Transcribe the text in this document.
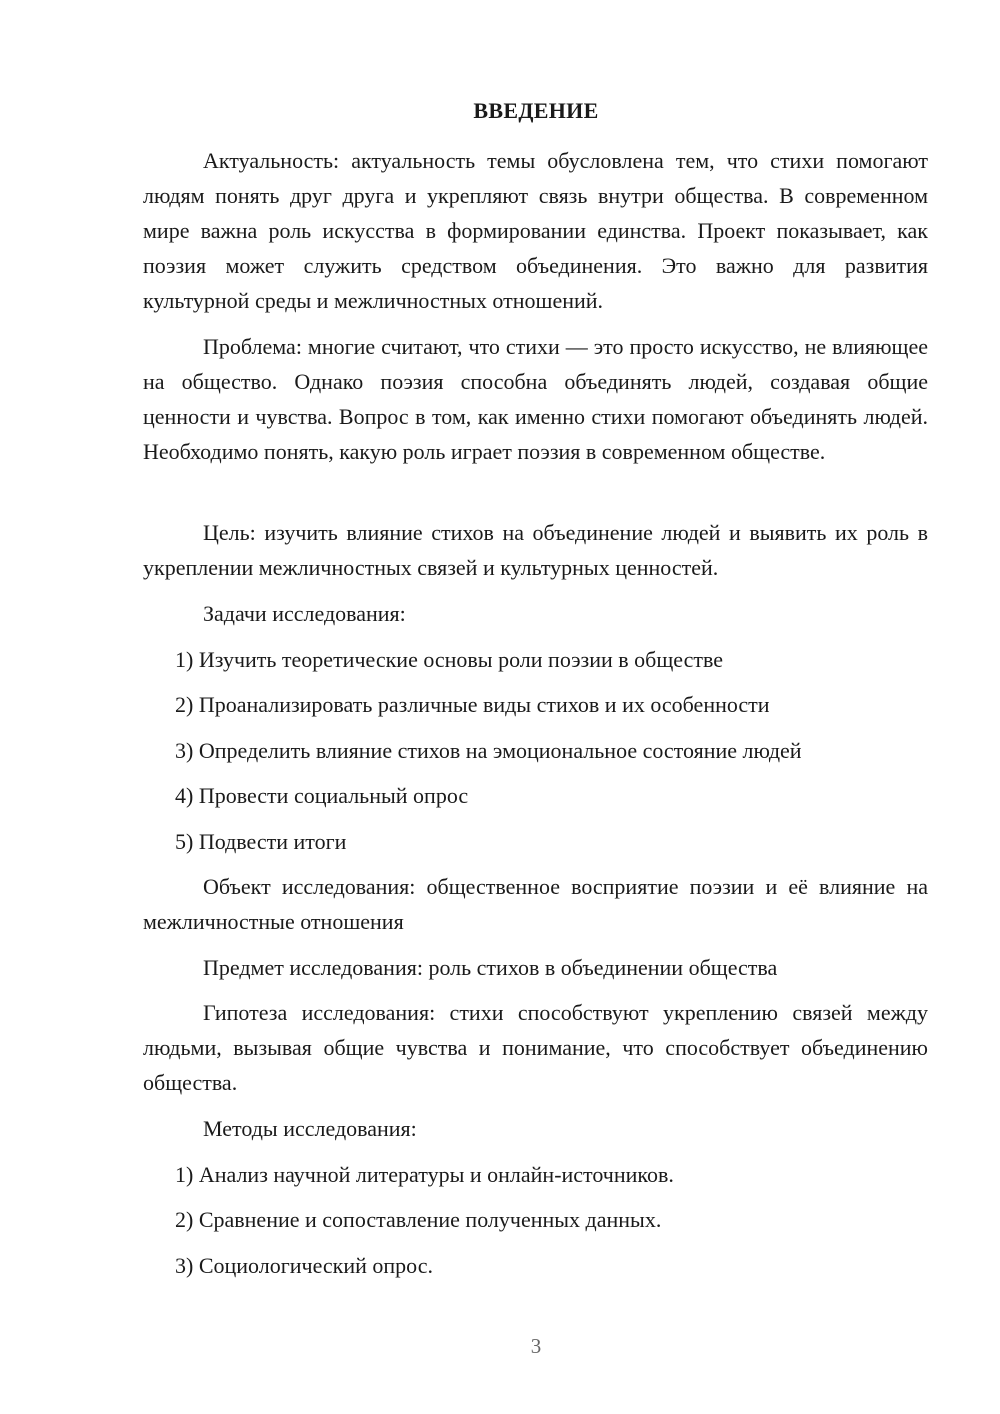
ВВЕДЕНИЕ

Актуальность: актуальность темы обусловлена тем, что стихи помогают людям понять друг друга и укрепляют связь внутри общества. В современном мире важна роль искусства в формировании единства. Проект показывает, как поэзия может служить средством объединения. Это важно для развития культурной среды и межличностных отношений.

Проблема: многие считают, что стихи — это просто искусство, не влияющее на общество. Однако поэзия способна объединять людей, создавая общие ценности и чувства. Вопрос в том, как именно стихи помогают объединять людей. Необходимо понять, какую роль играет поэзия в современном обществе.

Цель: изучить влияние стихов на объединение людей и выявить их роль в укреплении межличностных связей и культурных ценностей.

Задачи исследования:

1) Изучить теоретические основы роли поэзии в обществе

2) Проанализировать различные виды стихов и их особенности

3) Определить влияние стихов на эмоциональное состояние людей

4) Провести социальный опрос

5) Подвести итоги

Объект исследования: общественное восприятие поэзии и её влияние на межличностные отношения

Предмет исследования: роль стихов в объединении общества

Гипотеза исследования: стихи способствуют укреплению связей между людьми, вызывая общие чувства и понимание, что способствует объединению общества.

Методы исследования:

1) Анализ научной литературы и онлайн-источников.

2) Сравнение и сопоставление полученных данных.

3) Социологический опрос.

3
